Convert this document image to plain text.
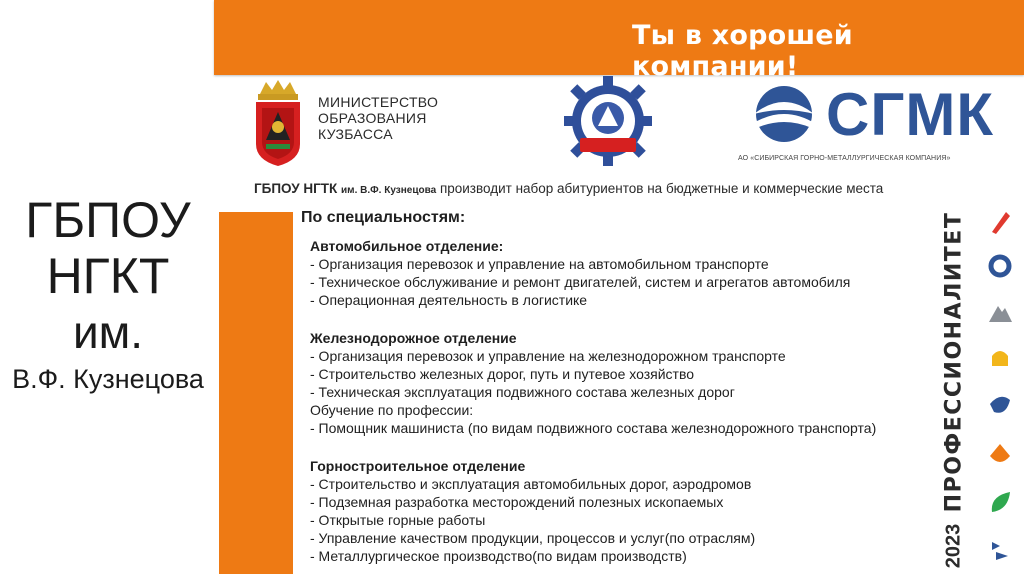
Ты в хорошей компании!
ГБПОУ
НГКТ
им.
В.Ф. Кузнецова
МИНИСТЕРСТВО
ОБРАЗОВАНИЯ
КУЗБАССА	СГМК
АО «СИБИРСКАЯ ГОРНО-МЕТАЛЛУРГИЧЕСКАЯ КОМПАНИЯ»
ГБПОУ НГТК им. В.Ф. Кузнецова производит набор абитуриентов на бюджетные и коммерческие места
По специальностям:
Автомобильное отделение:
- Организация перевозок и управление на автомобильном транспорте
- Техническое обслуживание и ремонт двигателей, систем и агрегатов автомобиля
- Операционная деятельность в логистике
Железнодорожное отделение
- Организация перевозок и управление на железнодорожном транспорте
- Строительство железных дорог, путь и путевое хозяйство
- Техническая эксплуатация подвижного состава железных дорог
Обучение по профессии:
- Помощник машиниста (по видам подвижного состава железнодорожного транспорта)
Горностроительное отделение
- Строительство и эксплуатация автомобильных дорог, аэродромов
- Подземная разработка месторождений полезных ископаемых
- Открытые горные работы
- Управление качеством продукции, процессов и услуг(по отраслям)
- Металлургическое производство(по видам производств)
ПРОФЕССИОНАЛИТЕТ
2023
